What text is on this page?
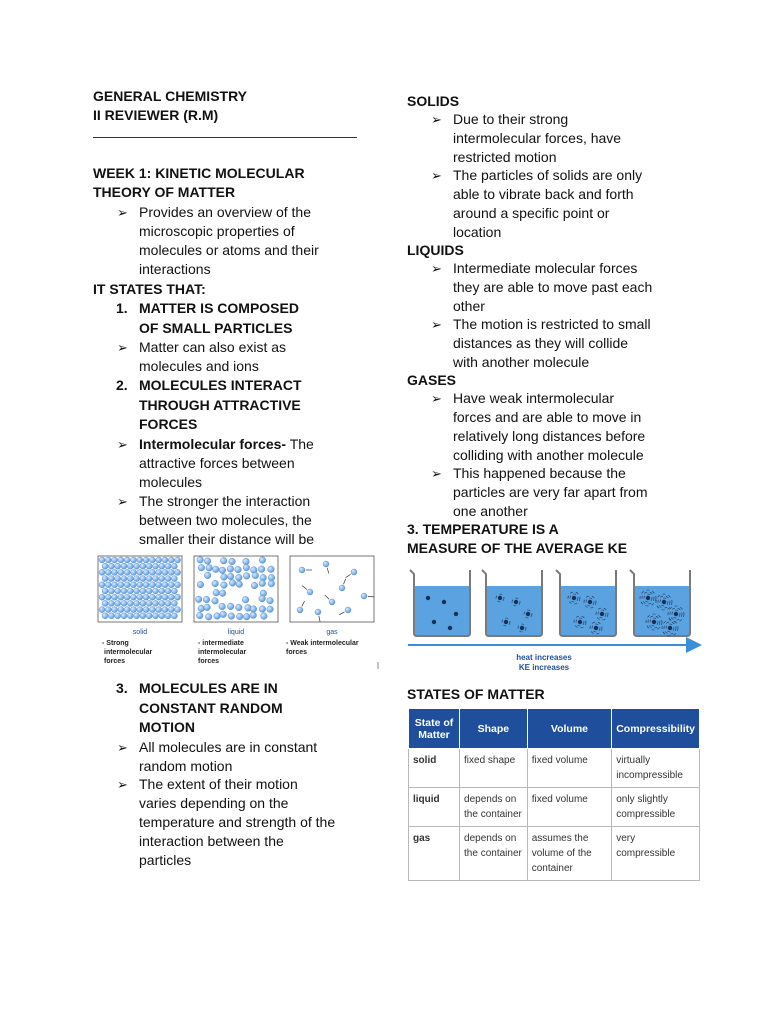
GENERAL CHEMISTRY
II REVIEWER (R.M)
WEEK 1: KINETIC MOLECULAR
THEORY OF MATTER
➢ Provides an overview of the
microscopic properties of
molecules or atoms and their
interactions
IT STATES THAT:
1. MATTER IS COMPOSED
OF SMALL PARTICLES
➢ Matter can also exist as
molecules and ions
2. MOLECULES INTERACT
THROUGH ATTRACTIVE
FORCES
➢ Intermolecular forces- The
attractive forces between
molecules
➢ The stronger the interaction
between two molecules, the
smaller their distance will be
solid	liquid	gas
- Strong
intermolecular
forces
- intermediate
intermolecular
forces
- Weak intermolecular
forces
3. MOLECULES ARE IN
CONSTANT RANDOM
MOTION
➢ All molecules are in constant
random motion
➢ The extent of their motion
varies depending on the
temperature and strength of the
interaction between the
particles
SOLIDS
➢ Due to their strong
intermolecular forces, have
restricted motion
➢ The particles of solids are only
able to vibrate back and forth
around a specific point or
location
LIQUIDS
➢ Intermediate molecular forces
they are able to move past each
other
➢ The motion is restricted to small
distances as they will collide
with another molecule
GASES
➢ Have weak intermolecular
forces and are able to move in
relatively long distances before
colliding with another molecule
➢ This happened because the
particles are very far apart from
one another
3. TEMPERATURE IS A
MEASURE OF THE AVERAGE KE
heat increases
KE increases
STATES OF MATTER
State of Matter	Shape	Volume	Compressibility
solid	fixed shape	fixed volume	virtually incompressible
liquid	depends on the container	fixed volume	only slightly compressible
gas	depends on the container	assumes the volume of the container	very compressible
